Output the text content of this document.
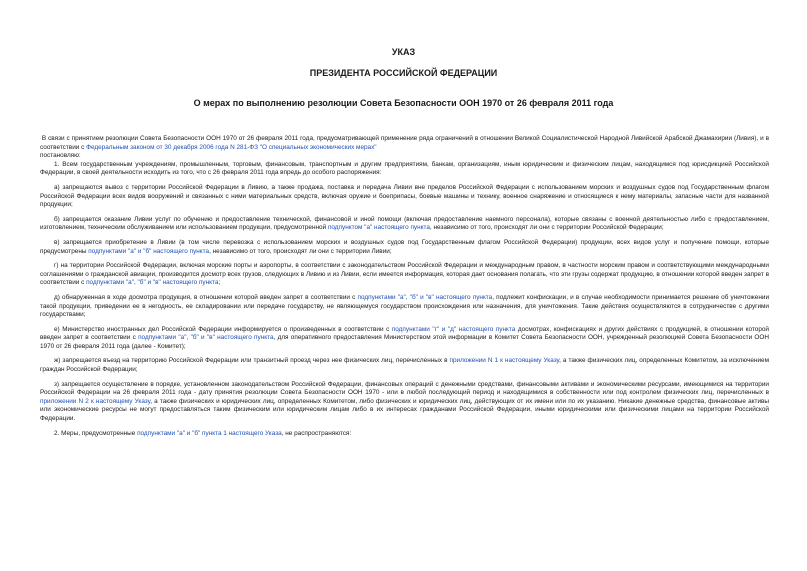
УКАЗ
ПРЕЗИДЕНТА РОССИЙСКОЙ ФЕДЕРАЦИИ
О мерах по выполнению резолюции Совета Безопасности ООН 1970 от 26 февраля 2011 года

В связи с принятием резолюции Совета Безопасности ООН 1970 от 26 февраля 2011 года, предусматривающей применение ряда ограничений в отношении Великой Социалистической Народной Ливийской Арабской Джамахирии (Ливия), и в соответствии с Федеральным законом от 30 декабря 2006 года N 281-ФЗ "О специальных экономических мерах"

постановляю:

1. Всем государственным учреждениям, промышленным, торговым, финансовым, транспортным и другим предприятиям, банкам, организациям, иным юридическим и физическим лицам, находящимся под юрисдикцией Российской Федерации, в своей деятельности исходить из того, что с 26 февраля 2011 года впредь до особого распоряжения:

а) запрещаются вывоз с территории Российской Федерации в Ливию, а также продажа, поставка и передача Ливии вне пределов Российской Федерации с использованием морских и воздушных судов под Государственным флагом Российской Федерации всех видов вооружений и связанных с ними материальных средств, включая оружие и боеприпасы, боевые машины и технику, военное снаряжение и относящиеся к нему материалы, запасные части для названной продукции;

б) запрещается оказание Ливии услуг по обучению и предоставление технической, финансовой и иной помощи (включая предоставление наемного персонала), которые связаны с военной деятельностью либо с предоставлением, изготовлением, техническим обслуживанием или использованием продукции, предусмотренной подпунктом "а" настоящего пункта, независимо от того, происходят ли они с территории Российской Федерации;

в) запрещается приобретение в Ливии (в том числе перевозка с использованием морских и воздушных судов под Государственным флагом Российской Федерации) продукции, всех видов услуг и получение помощи, которые предусмотрены подпунктами "а" и "б" настоящего пункта, независимо от того, происходят ли они с территории Ливии;

г) на территории Российской Федерации, включая морские порты и аэропорты, в соответствии с законодательством Российской Федерации и международным правом, в частности морским правом и соответствующими международными соглашениями о гражданской авиации, производится досмотр всех грузов, следующих в Ливию и из Ливии, если имеется информация, которая дает основания полагать, что эти грузы содержат продукцию, в отношении которой введен запрет в соответствии с подпунктами "а", "б" и "в" настоящего пункта;

д) обнаруженная в ходе досмотра продукция, в отношении которой введен запрет в соответствии с подпунктами "а", "б" и "в" настоящего пункта, подлежит конфискации, и в случае необходимости принимается решение об уничтожении такой продукции, приведении ее в негодность, ее складировании или передаче государству, не являющемуся государством происхождения или назначения, для уничтожения. Такие действия осуществляются в сотрудничестве с другими государствами;

е) Министерство иностранных дел Российской Федерации информируется о произведенных в соответствии с подпунктами "г" и "д" настоящего пункта досмотрах, конфискациях и других действиях с продукцией, в отношении которой введен запрет в соответствии с подпунктами "а", "б" и "в" настоящего пункта, для оперативного предоставления Министерством этой информации в Комитет Совета Безопасности ООН, учрежденный резолюцией Совета Безопасности ООН 1970 от 26 февраля 2011 года (далее - Комитет);

ж) запрещается въезд на территорию Российской Федерации или транзитный проезд через нее физических лиц, перечисленных в приложении N 1 к настоящему Указу, а также физических лиц, определенных Комитетом, за исключением граждан Российской Федерации;

з) запрещается осуществление в порядке, установленном законодательством Российской Федерации, финансовых операций с денежными средствами, финансовыми активами и экономическими ресурсами, имеющимися на территории Российской Федерации на 26 февраля 2011 года - дату принятия резолюции Совета Безопасности ООН 1970 - или в любой последующий период и находящимися в собственности или под контролем физических лиц, перечисленных в приложении N 2 к настоящему Указу, а также физических и юридических лиц, определенных Комитетом, либо физических и юридических лиц, действующих от их имени или по их указанию. Никакие денежные средства, финансовые активы или экономические ресурсы не могут предоставляться таким физическим или юридическим лицам либо в их интересах гражданами Российской Федерации, иными юридическими или физическими лицами на территории Российской Федерации.

2. Меры, предусмотренные подпунктами "а" и "б" пункта 1 настоящего Указа, не распространяются:
